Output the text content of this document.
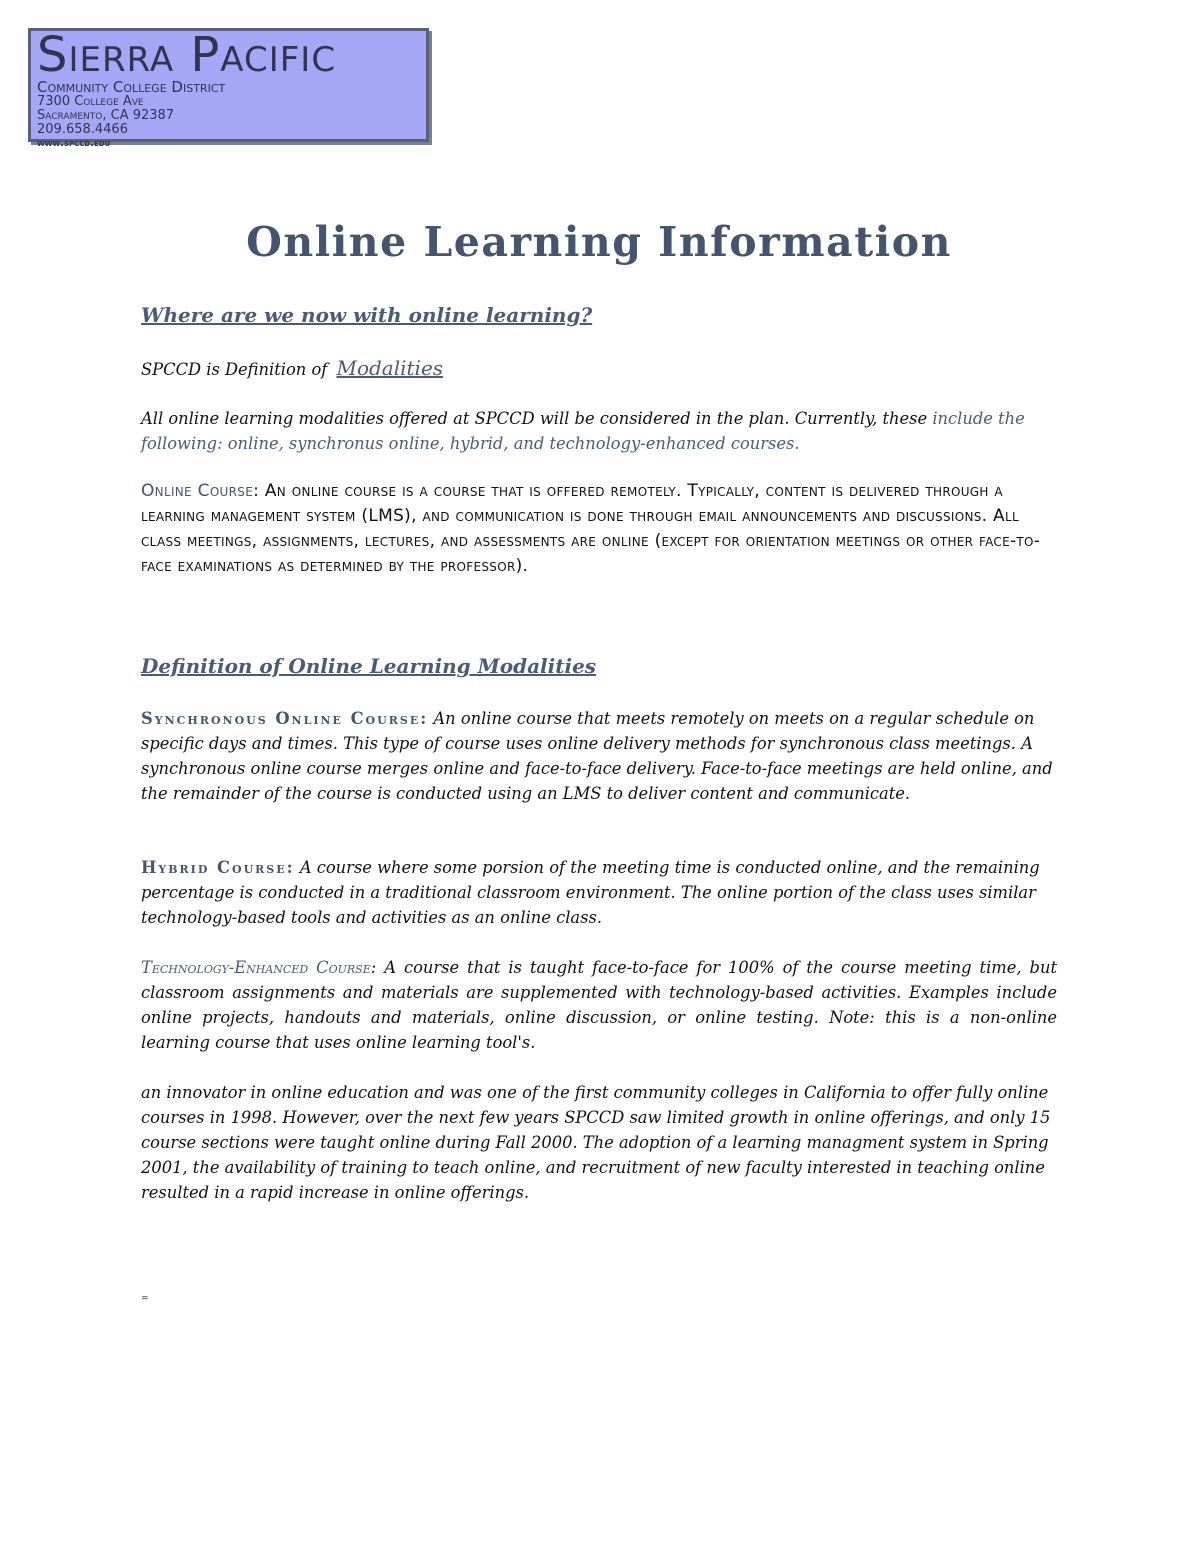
Sierra Pacific
Community College District
7300 College Ave
Sacramento, CA 92387
209.658.4466
www.spccd.edu
Online Learning Information
Where are we now with online learning?

SPCCD is Definition of Modalities

All online learning modalities offered at SPCCD will be considered in the plan. Currently, these include the following: online, synchronus online, hybrid, and technology-enhanced courses.

Online Course: An online course is a course that is offered remotely. Typically, content is delivered through a learning management system (LMS), and communication is done through email announcements and discussions. All class meetings, assignments, lectures, and assessments are online (except for orientation meetings or other face-to-face examinations as determined by the professor).

Definition of Online Learning Modalities

Synchronous Online Course: An online course that meets remotely on meets on a regular schedule on specific days and times. This type of course uses online delivery methods for synchronous class meetings. A synchronous online course merges online and face-to-face delivery. Face-to-face meetings are held online, and the remainder of the course is conducted using an LMS to deliver content and communicate.

Hybrid Course: A course where some porsion of the meeting time is conducted online, and the remaining percentage is conducted in a traditional classroom environment. The online portion of the class uses similar technology-based tools and activities as an online class.

Technology-Enhanced Course: A course that is taught face-to-face for 100% of the course meeting time, but classroom assignments and materials are supplemented with technology-based activities. Examples include online projects, handouts and materials, online discussion, or online testing. Note: this is a non-online learning course that uses online learning tool's.

an innovator in online education and was one of the first community colleges in California to offer fully online courses in 1998. However, over the next few years SPCCD saw limited growth in online offerings, and only 15 course sections were taught online during Fall 2000. The adoption of a learning managment system in Spring 2001, the availability of training to teach online, and recruitment of new faculty interested in teaching online resulted in a rapid increase in online offerings.

=
